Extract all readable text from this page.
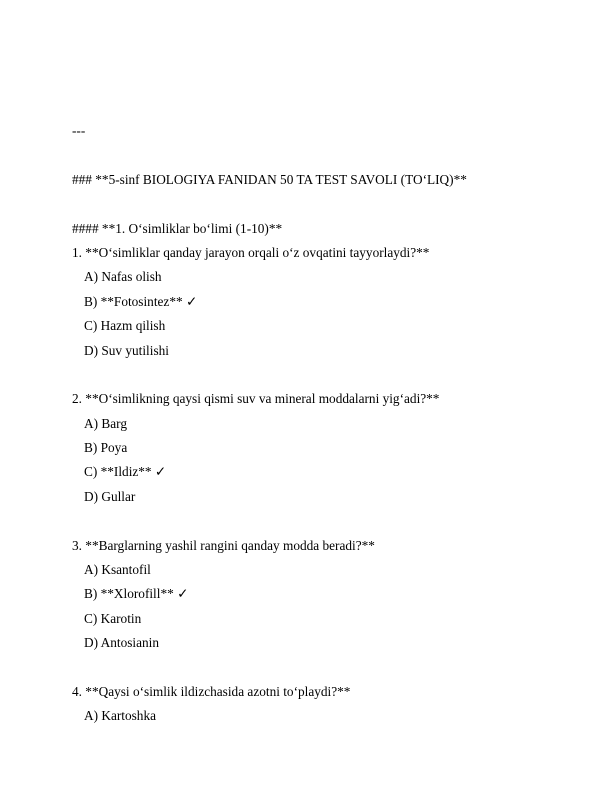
---
### **5-sinf BIOLOGIYA FANIDAN 50 TA TEST SAVOLI (TO‘LIQ)**
#### **1. O‘simliklar bo‘limi (1-10)**
1. **O‘simliklar qanday jarayon orqali o‘z ovqatini tayyorlaydi?**
A) Nafas olish
B) **Fotosintez** ✓
C) Hazm qilish
D) Suv yutilishi
2. **O‘simlikning qaysi qismi suv va mineral moddalarni yig‘adi?**
A) Barg
B) Poya
C) **Ildiz** ✓
D) Gullar
3. **Barglarning yashil rangini qanday modda beradi?**
A) Ksantofil
B) **Xlorofill** ✓
C) Karotin
D) Antosianin
4. **Qaysi o‘simlik ildizchasida azotni to‘playdi?**
A) Kartoshka
